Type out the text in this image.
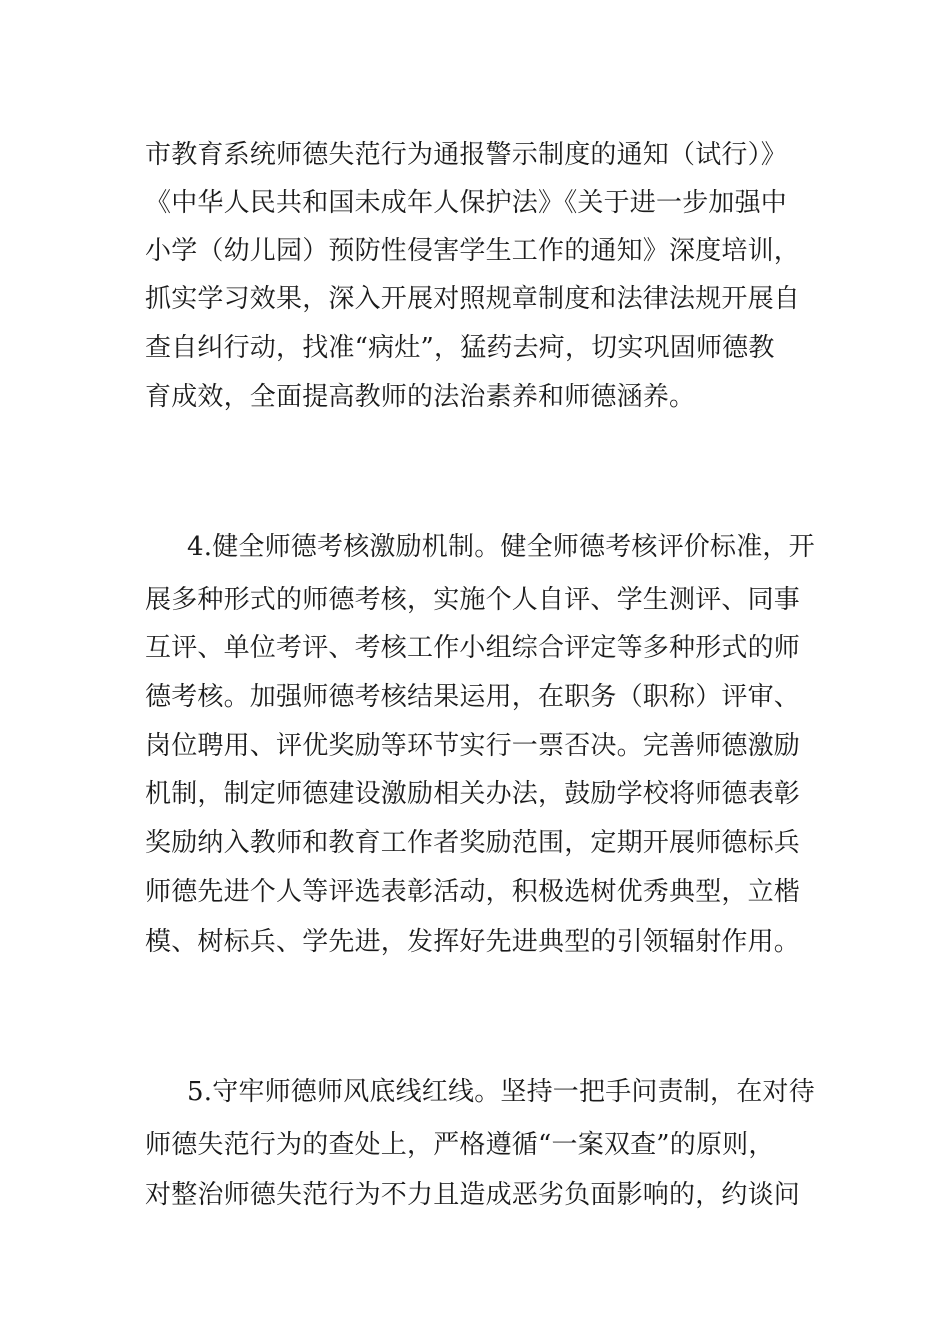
市教育系统师德失范行为通报警示制度的通知（试行）》
《中华人民共和国未成年人保护法》《关于进一步加强中
小学（幼儿园）预防性侵害学生工作的通知》深度培训，
抓实学习效果，深入开展对照规章制度和法律法规开展自
查自纠行动，找准“病灶”，猛药去疴，切实巩固师德教
育成效，全面提高教师的法治素养和师德涵养。
4.健全师德考核激励机制。健全师德考核评价标准，开
展多种形式的师德考核，实施个人自评、学生测评、同事
互评、单位考评、考核工作小组综合评定等多种形式的师
德考核。加强师德考核结果运用，在职务（职称）评审、
岗位聘用、评优奖励等环节实行一票否决。完善师德激励
机制，制定师德建设激励相关办法，鼓励学校将师德表彰
奖励纳入教师和教育工作者奖励范围，定期开展师德标兵
师德先进个人等评选表彰活动，积极选树优秀典型，立楷
模、树标兵、学先进，发挥好先进典型的引领辐射作用。
5.守牢师德师风底线红线。坚持一把手问责制，在对待
师德失范行为的查处上，严格遵循“一案双查”的原则，
对整治师德失范行为不力且造成恶劣负面影响的，约谈问
